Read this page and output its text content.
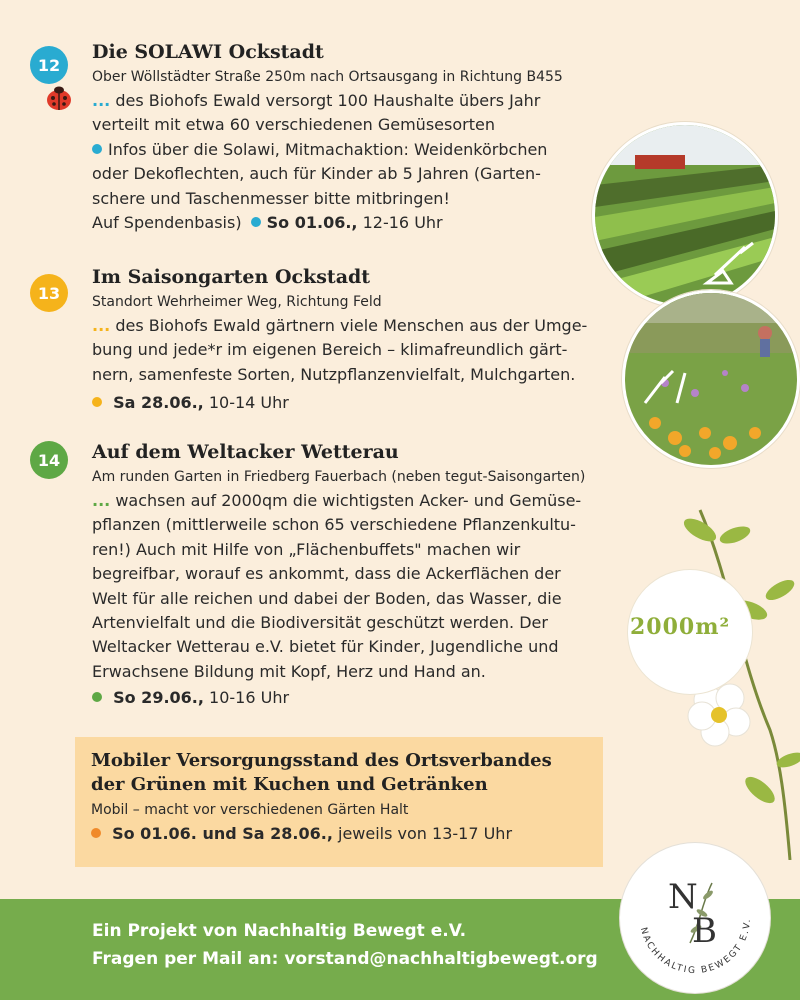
12

Die SOLAWI Ockstadt

Ober Wöllstädter Straße 250m nach Ortsausgang in Richtung B455

... des Biohofs Ewald versorgt 100 Haushalte übers Jahr

verteilt mit etwa 60 verschiedenen Gemüsesorten

Infos über die Solawi, Mitmachaktion: Weidenkörbchen

oder Dekoflechten, auch für Kinder ab 5 Jahren (Garten-

schere und Taschenmesser bitte mitbringen!

Auf Spendenbasis) So 01.06., 12-16 Uhr

13

Im Saisongarten Ockstadt

Standort Wehrheimer Weg, Richtung Feld

... des Biohofs Ewald gärtnern viele Menschen aus der Umge-

bung und jede*r im eigenen Bereich – klimafreundlich gärt-

nern, samenfeste Sorten, Nutzpflanzenvielfalt, Mulchgarten.

Sa 28.06., 10-14 Uhr

14	Auf dem Weltacker Wetterau

Am runden Garten in Friedberg Fauerbach (neben tegut-Saisongarten)

... wachsen auf 2000qm die wichtigsten Acker- und Gemüse-

pflanzen (mittlerweile schon 65 verschiedene Pflanzenkultu-

ren!) Auch mit Hilfe von „Flächenbuffets" machen wir

begreifbar, worauf es ankommt, dass die Ackerflächen der

Welt für alle reichen und dabei der Boden, das Wasser, die

Artenvielfalt und die Biodiversität geschützt werden. Der

Weltacker Wetterau e.V. bietet für Kinder, Jugendliche und

Erwachsene Bildung mit Kopf, Herz und Hand an.

So 29.06., 10-16 Uhr

2000m²

Mobiler Versorgungsstand des Ortsverbandes

der Grünen mit Kuchen und Getränken

Mobil – macht vor verschiedenen Gärten Halt

So 01.06. und Sa 28.06., jeweils von 13-17 Uhr

Ein Projekt von Nachhaltig Bewegt e.V.

Fragen per Mail an: vorstand@nachhaltigbewegt.org

NACHHALTIG BEWEGT E.V.
N
B
